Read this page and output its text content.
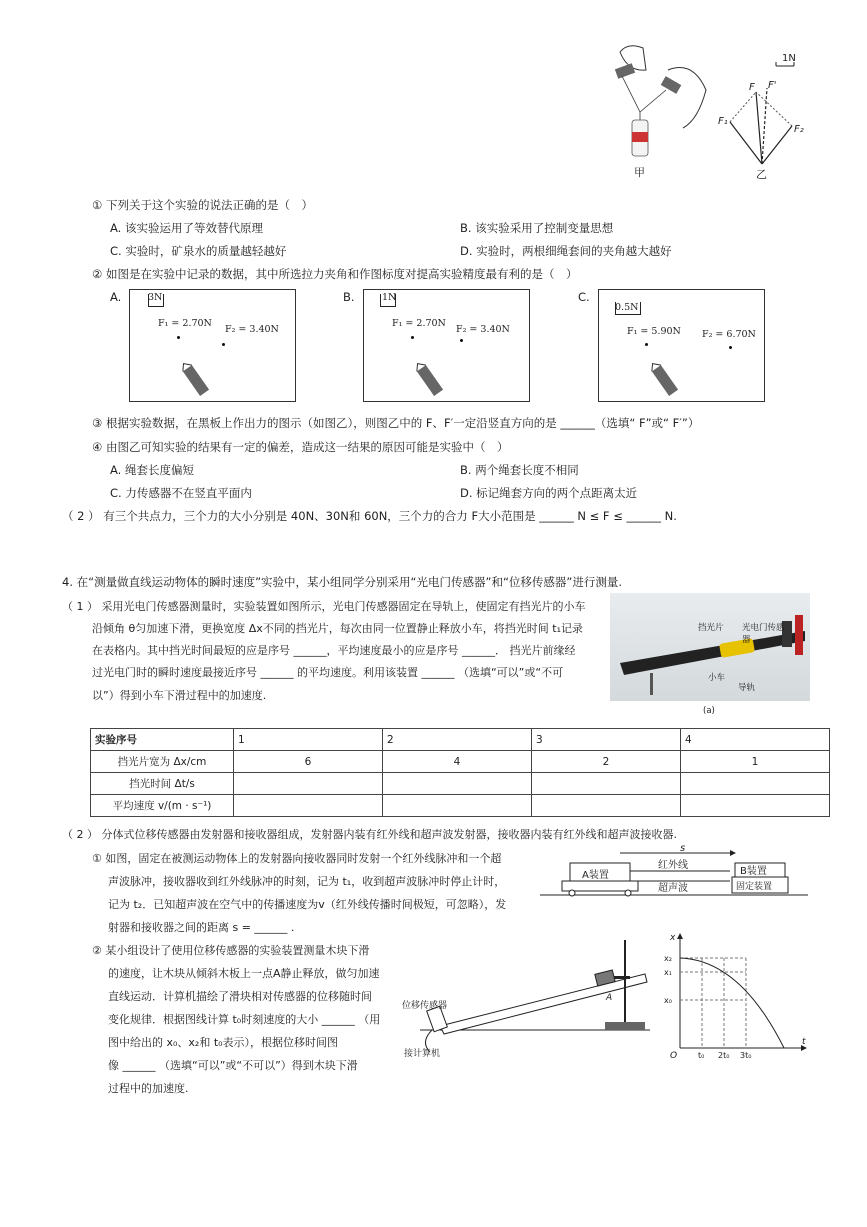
甲
1N
F F'
F₁
F₂
乙
① 下列关于这个实验的说法正确的是（　）
A. 该实验运用了等效替代原理	B. 该实验采用了控制变量思想
C. 实验时，矿泉水的质量越轻越好	D. 实验时，两根细绳套间的夹角越大越好
② 如图是在实验中记录的数据，其中所选拉力夹角和作图标度对提高实验精度最有利的是（　）
A.	3N
F₁ = 2.70N
F₂ = 3.40N
B.	1N
F₁ = 2.70N
F₂ = 3.40N
C.
0.5N
F₁ = 5.90N F₂ = 6.70N
③ 根据实验数据，在黑板上作出力的图示（如图乙），则图乙中的 F、F′一定沿竖直方向的是 ______（选填“ F”或“ F′”）
④ 由图乙可知实验的结果有一定的偏差，造成这一结果的原因可能是实验中（　）
A. 绳套长度偏短	B. 两个绳套长度不相同
C. 力传感器不在竖直平面内	D. 标记绳套方向的两个点距离太近
（ 2 ） 有三个共点力，三个力的大小分别是 40N、30N和 60N，三个力的合力 F大小范围是 ______ N ≤ F ≤ ______ N.
4. 在“测量做直线运动物体的瞬时速度”实验中，某小组同学分别采用“光电门传感器”和“位移传感器”进行测量.
（ 1 ） 采用光电门传感器测量时，实验装置如图所示，光电门传感器固定在导轨上，使固定有挡光片的小车
沿倾角 θ匀加速下滑，更换宽度 Δx不同的挡光片，每次由同一位置静止释放小车，将挡光时间 t₁记录
在表格内。其中挡光时间最短的应是序号 ______，平均速度最小的应是序号 ______． 挡光片前缘经
过光电门时的瞬时速度最接近序号 ______ 的平均速度。利用该装置 ______ （选填“可以”或“不可
以”）得到小车下滑过程中的加速度.
挡光片 光电门传感器
小车
导轨
(a)
实验序号	1	2	3	4
挡光片宽为 Δx/cm	6	4	2	1
挡光时间 Δt/s				
平均速度 v/(m · s⁻¹)				
（ 2 ） 分体式位移传感器由发射器和接收器组成，发射器内装有红外线和超声波发射器，接收器内装有红外线和超声波接收器.
① 如图，固定在被测运动物体上的发射器向接收器同时发射一个红外线脉冲和一个超
声波脉冲，接收器收到红外线脉冲的时刻，记为 t₁，收到超声波脉冲时停止计时，
记为 t₂．已知超声波在空气中的传播速度为v（红外线传播时间极短，可忽略），发
射器和接收器之间的距离 s = ______ .
A装置	B装置
s
红外线
超声波	固定装置
② 某小组设计了使用位移传感器的实验装置测量木块下滑
的速度，让木块从倾斜木板上一点A静止释放，做匀加速
直线运动．计算机描绘了滑块相对传感器的位移随时间
变化规律．根据图线计算 t₀时刻速度的大小 ______ （用
图中给出的 x₀、x₂和 t₀表示），根据位移时间图
像 ______ （选填“可以”或“不可以”）得到木块下滑
过程中的加速度.
位移传感器
接计算机
A
x
t
O
x₂
x₁
x₀
t₀ 2t₀ 3t₀
